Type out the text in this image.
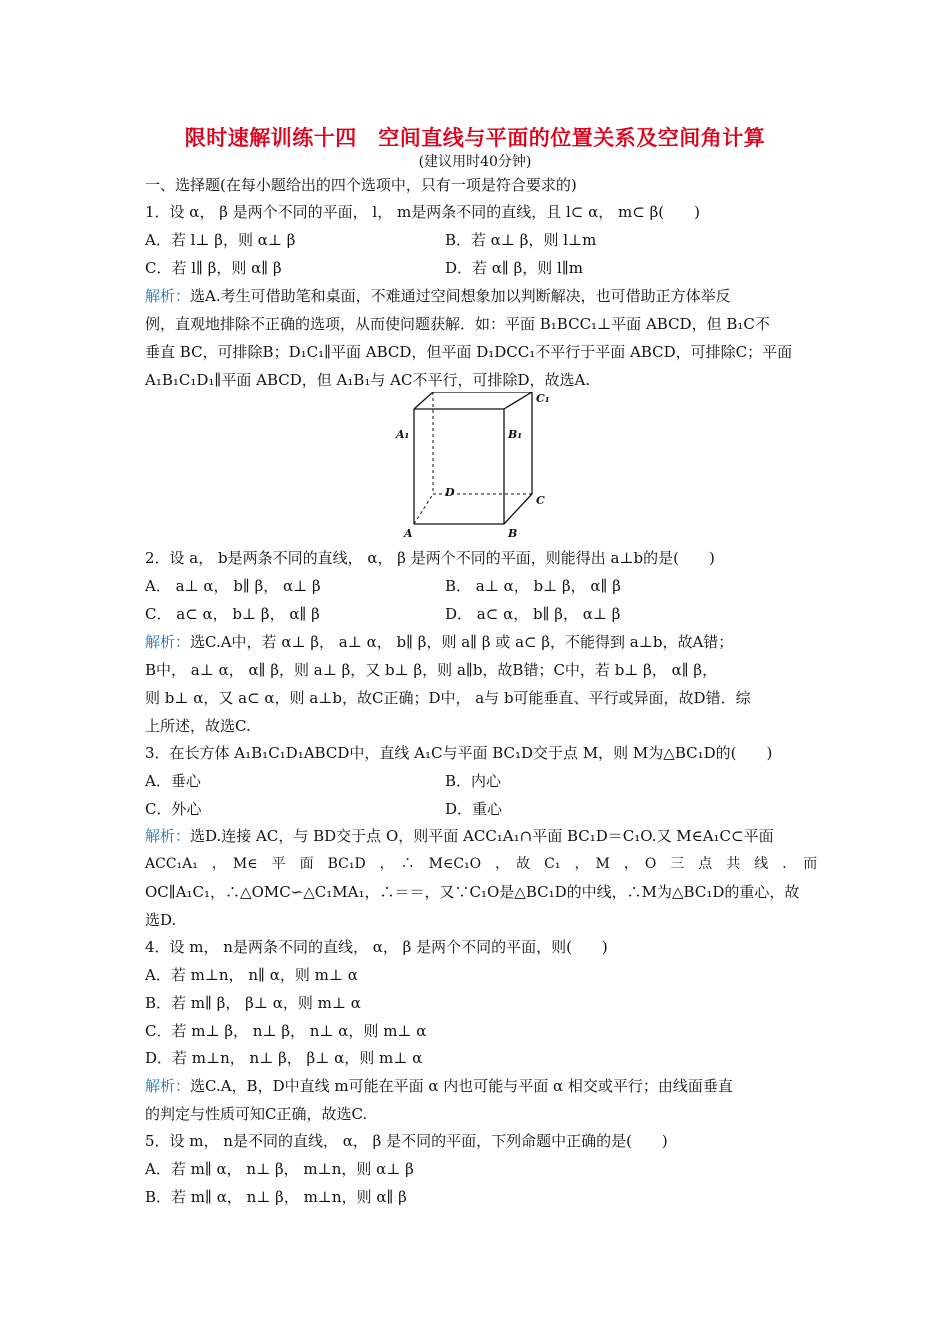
限时速解训练十四　空间直线与平面的位置关系及空间角计算
(建议用时40分钟)
一、选择题(在每小题给出的四个选项中，只有一项是符合要求的)
1．设 α， β 是两个不同的平面， l， m是两条不同的直线，且 l⊂ α， m⊂ β(　　)
A．若 l⊥ β，则 α⊥ β	B．若 α⊥ β，则 l⊥m
C．若 l∥ β，则 α∥ β	D．若 α∥ β，则 l∥m
解析：选A.考生可借助笔和桌面，不难通过空间想象加以判断解决，也可借助正方体举反
例，直观地排除不正确的选项，从而使问题获解．如：平面 B₁BCC₁⊥平面 ABCD，但 B₁C不
垂直 BC，可排除B；D₁C₁∥平面 ABCD，但平面 D₁DCC₁不平行于平面 ABCD，可排除C；平面
A₁B₁C₁D₁∥平面 ABCD，但 A₁B₁与 AC不平行，可排除D，故选A.
C₁
A₁	B₁
D
C
A	B
2．设 a， b是两条不同的直线， α， β 是两个不同的平面，则能得出 a⊥b的是(　　)
A． a⊥ α， b∥ β， α⊥ β	B． a⊥ α， b⊥ β， α∥ β
C． a⊂ α， b⊥ β， α∥ β	D． a⊂ α， b∥ β， α⊥ β
解析：选C.A中，若 α⊥ β， a⊥ α， b∥ β，则 a∥ β 或 a⊂ β，不能得到 a⊥b，故A错；
B中， a⊥ α， α∥ β，则 a⊥ β，又 b⊥ β，则 a∥b，故B错；C中，若 b⊥ β， α∥ β，
则 b⊥ α，又 a⊂ α，则 a⊥b，故C正确；D中， a与 b可能垂直、平行或异面，故D错．综
上所述，故选C.
3．在长方体 A₁B₁C₁D₁ABCD中，直线 A₁C与平面 BC₁D交于点 M，则 M为△BC₁D的(　　)
A．垂心	B．内心
C．外心	D．重心
解析：选D.连接 AC，与 BD交于点 O，则平面 ACC₁A₁∩平面 BC₁D＝C₁O.又 M∈A₁C⊂平面
ACC₁A₁　，　M∈　平　面　BC₁D　，　∴　M∈C₁O　，　故　C₁　，　M　，　O　三　点　共　线　．　而
OC∥A₁C₁，∴△OMC∽△C₁MA₁，∴＝＝，又∵C₁O是△BC₁D的中线，∴M为△BC₁D的重心，故
选D.
4．设 m， n是两条不同的直线， α， β 是两个不同的平面，则(　　)
A．若 m⊥n， n∥ α，则 m⊥ α
B．若 m∥ β， β⊥ α，则 m⊥ α
C．若 m⊥ β， n⊥ β， n⊥ α，则 m⊥ α
D．若 m⊥n， n⊥ β， β⊥ α，则 m⊥ α
解析：选C.A，B，D中直线 m可能在平面 α 内也可能与平面 α 相交或平行；由线面垂直
的判定与性质可知C正确，故选C.
5．设 m， n是不同的直线， α， β 是不同的平面，下列命题中正确的是(　　)
A．若 m∥ α， n⊥ β， m⊥n，则 α⊥ β
B．若 m∥ α， n⊥ β， m⊥n，则 α∥ β
